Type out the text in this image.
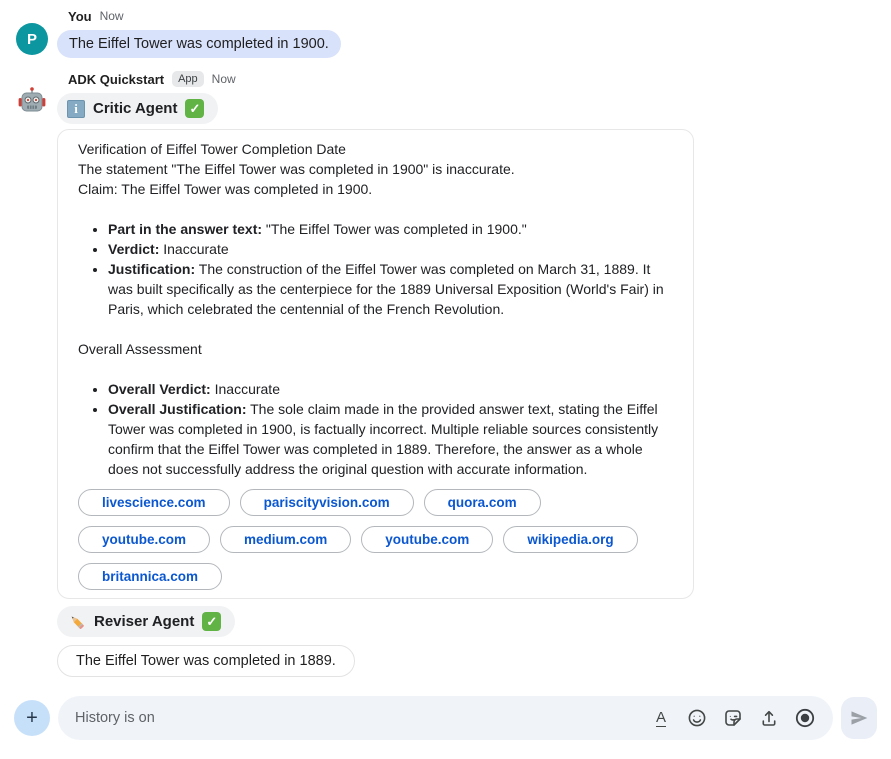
P
You Now
The Eiffel Tower was completed in 1900.
ADK Quickstart	App	Now
i	Critic Agent ✓

Verification of Eiffel Tower Completion Date

The statement "The Eiffel Tower was completed in 1900" is inaccurate.

Claim: The Eiffel Tower was completed in 1900.

• Part in the answer text: "The Eiffel Tower was completed in 1900."
• Verdict: Inaccurate
• Justification: The construction of the Eiffel Tower was completed on March 31, 1889. It was built specifically as the centerpiece for the 1889 Universal Exposition (World's Fair) in Paris, which celebrated the centennial of the French Revolution.

Overall Assessment

• Overall Verdict: Inaccurate
• Overall Justification: The sole claim made in the provided answer text, stating the Eiffel Tower was completed in 1900, is factually incorrect. Multiple reliable sources consistently confirm that the Eiffel Tower was completed in 1889. Therefore, the answer as a whole does not successfully address the original question with accurate information.
livescience.com	pariscityvision.com	quora.com
youtube.com	medium.com	youtube.com	wikipedia.org
britannica.com
Reviser Agent ✓
The Eiffel Tower was completed in 1889.
+	History is on	A
